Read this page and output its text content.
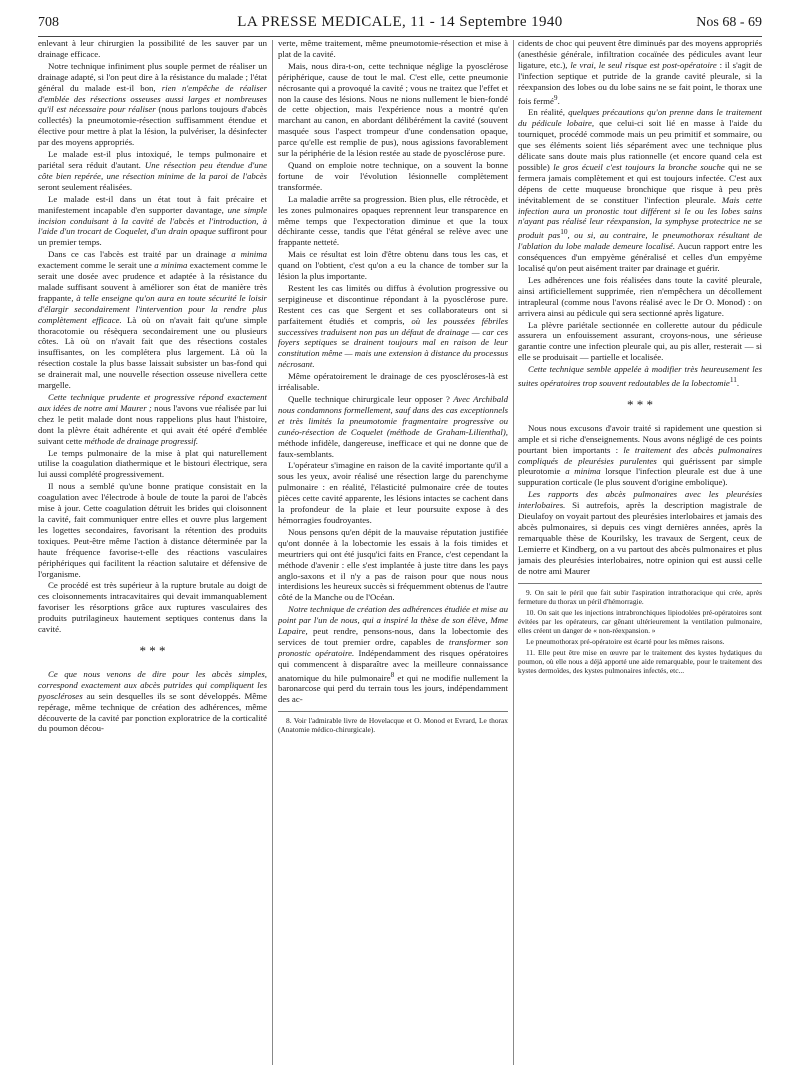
708	LA PRESSE MEDICALE, 11 - 14 Septembre 1940	Nos 68 - 69

enlevant à leur chirurgien la possibilité de les sauver par un drainage efficace.

Notre technique infiniment plus souple permet de réaliser un drainage adapté, si l'on peut dire à la résistance du malade ; l'état général du malade est-il bon, rien n'empêche de réaliser d'emblée des résections osseuses aussi larges et nombreuses qu'il est nécessaire pour réaliser (nous parlons toujours d'abcès collectés) la pneumotomie-résection suffisamment étendue et élective pour mettre à plat la lésion, la pulvériser, la désinfecter par des moyens appropriés.

Le malade est-il plus intoxiqué, le temps pulmonaire et pariétal sera réduit d'autant. Une résection peu étendue d'une côte bien repérée, une résection minime de la paroi de l'abcès seront seulement réalisées.

Le malade est-il dans un état tout à fait précaire et manifestement incapable d'en supporter davantage, une simple incision conduisant à la cavité de l'abcès et l'introduction, à l'aide d'un trocart de Coquelet, d'un drain opaque suffiront pour un premier temps.

Dans ce cas l'abcès est traité par un drainage a minima exactement comme le serait une a minima exactement comme le serait une dosée avec prudence et adaptée à la résistance du malade suffisant souvent à améliorer son état de manière très frappante, à telle enseigne qu'on aura en toute sécurité le loisir d'élargir secondairement l'intervention pour la rendre plus complètement efficace. Là où on n'avait fait qu'une simple thoracotomie ou résèquera secondairement une ou plusieurs côtes. Là où on n'avait fait que des résections costales insuffisantes, on les complétera plus largement. Là où la résection costale la plus basse laissait subsister un bas-fond qui se drainerait mal, une nouvelle résection osseuse nivellera cette margelle.

Cette technique prudente et progressive répond exactement aux idées de notre ami Maurer ; nous l'avons vue réalisée par lui chez le petit malade dont nous rappelions plus haut l'histoire, dont la plèvre était adhérente et qui avait été opéré d'emblée suivant cette méthode de drainage progressif.

Le temps pulmonaire de la mise à plat qui naturellement utilise la coagulation diathermique et le bistouri électrique, sera lui aussi complété progressivement.

Il nous a semblé qu'une bonne pratique consistait en la coagulation avec l'électrode à boule de toute la paroi de l'abcès mise à jour. Cette coagulation détruit les brides qui cloisonnent la cavité, fait communiquer entre elles et ouvre plus largement les logettes secondaires, favorisant la rétention des produits toxiques. Peut-être même l'action à distance déterminée par la haute fréquence favorise-t-elle des réactions vasculaires périphériques qui facilitent la réaction salutaire et défensive de l'organisme.

Ce procédé est très supérieur à la rupture brutale au doigt de ces cloisonnements intracavitaires qui devait immanquablement favoriser les résorptions grâce aux ruptures vasculaires des produits putrilagineux hautement septiques contenus dans la cavité.

* * *

Ce que nous venons de dire pour les abcès simples, correspond exactement aux abcès putrides qui compliquent les pyoscléroses au sein desquelles ils se sont développés. Même repérage, même technique de création des adhérences, même découverte de la cavité par ponction exploratrice de la corticalité du poumon décou-

verte, même traitement, même pneumotomie-résection et mise à plat de la cavité.

Mais, nous dira-t-on, cette technique néglige la pyosclérose périphérique, cause de tout le mal. C'est elle, cette pneumonie nécrosante qui a provoqué la cavité ; vous ne traitez que l'effet et non la cause des lésions. Nous ne nions nullement le bien-fondé de cette objection, mais l'expérience nous a montré qu'en marchant au canon, en abordant délibérément la cavité (souvent masquée sous l'aspect trompeur d'une condensation opaque, parce qu'elle est remplie de pus), nous agissions favorablement sur la périphérie de la lésion restée au stade de pyosclérose pure.

Quand on emploie notre technique, on a souvent la bonne fortune de voir l'évolution lésionnelle complètement transformée.

La maladie arrête sa progression. Bien plus, elle rétrocède, et les zones pulmonaires opaques reprennent leur transparence en même temps que l'expectoration diminue et que la toux déchirante cesse, tandis que l'état général se relève avec une frappante netteté.

Mais ce résultat est loin d'être obtenu dans tous les cas, et quand on l'obtient, c'est qu'on a eu la chance de tomber sur la lésion la plus importante.

Restent les cas limités ou diffus à évolution progressive ou serpigineuse et discontinue répondant à la pyosclérose pure. Restent ces cas que Sergent et ses collaborateurs ont si parfaitement étudiés et compris, où les poussées fébriles successives traduisent non pas un défaut de drainage — car ces foyers septiques se drainent toujours mal en raison de leur constitution même — mais une extension à distance du processus nécrosant.

Même opératoirement le drainage de ces pyoscléroses-là est irréalisable.

Quelle technique chirurgicale leur opposer ? Avec Archibald nous condamnons formellement, sauf dans des cas exceptionnels et très limités la pneumotomie fragmentaire progressive ou cunéo-résection de Coquelet (méthode de Graham-Lilienthal), méthode infidèle, dangereuse, inefficace et qui ne donne que de faux-semblants.

L'opérateur s'imagine en raison de la cavité importante qu'il a sous les yeux, avoir réalisé une résection large du parenchyme pulmonaire : en réalité, l'élasticité pulmonaire crée de toutes pièces cette cavité apparente, les lésions intactes se cachent dans la profondeur de la plaie et leur poursuite expose à des hémorragies foudroyantes.

Nous pensons qu'en dépit de la mauvaise réputation justifiée qu'ont donnée à la lobectomie les essais à la fois timides et meurtriers qui ont été jusqu'ici faits en France, c'est cependant la méthode d'avenir : elle s'est implantée à juste titre dans les pays anglo-saxons et il n'y a pas de raison pour que nous nous interdisions les heureux succès si fréquemment obtenus de l'autre côté de la Manche ou de l'Océan.

Notre technique de création des adhérences étudiée et mise au point par l'un de nous, qui a inspiré la thèse de son élève, Mme Lapaire, peut rendre, pensons-nous, dans la lobectomie des services de tout premier ordre, capables de transformer son pronostic opératoire. Indépendamment des risques opératoires qui commencent à disparaître avec la meilleure connaissance anatomique du hile pulmonaire$^8$ et qui ne modifie nullement la baronarcose qui perd du terrain tous les jours, indépendamment des ac-

8. Voir l'admirable livre de Hovelacque et O. Monod et Evrard, Le thorax (Anatomie médico-chirurgicale).

cidents de choc qui peuvent être diminués par des moyens appropriés (anesthésie générale, infiltration cocaïnée des pédicules avant leur ligature, etc.), le vrai, le seul risque est post-opératoire : il s'agit de l'infection septique et putride de la grande cavité pleurale, si la réexpansion des lobes ou du lobe sains ne se fait point, le thorax une fois fermé$^9$.

En réalité, quelques précautions qu'on prenne dans le traitement du pédicule lobaire, que celui-ci soit lié en masse à l'aide du tourniquet, procédé commode mais un peu primitif et sommaire, ou que ses éléments soient liés séparément avec une technique plus délicate sans doute mais plus rationnelle (et encore quand cela est possible) le gros écueil c'est toujours la bronche souche qui ne se fermera jamais complètement et qui est toujours infectée. C'est aux dépens de cette muqueuse bronchique que risque à peu près inévitablement de se constituer l'infection pleurale. Mais cette infection aura un pronostic tout différent si le ou les lobes sains n'ayant pas réalisé leur réexpansion, la symphyse protectrice ne se produit pas$^{10}$, ou si, au contraire, le pneumothorax résultant de l'ablation du lobe malade demeure localisé. Aucun rapport entre les conséquences d'un empyème généralisé et celles d'un empyème localisé qu'on peut aisément traiter par drainage et guérir.

Les adhérences une fois réalisées dans toute la cavité pleurale, ainsi artificiellement supprimée, rien n'empêchera un décollement intrapleural (comme nous l'avons réalisé avec le Dr O. Monod) : on arrivera ainsi au pédicule qui sera sectionné après ligature.

La plèvre pariétale sectionnée en collerette autour du pédicule assurera un enfouissement assurant, croyons-nous, une sérieuse garantie contre une infection pleurale qui, au pis aller, resterait — si elle se produisait — partielle et localisée.

Cette technique semble appelée à modifier très heureusement les suites opératoires trop souvent redoutables de la lobectomie$^{11}$.

* * *

Nous nous excusons d'avoir traité si rapidement une question si ample et si riche d'enseignements. Nous avons négligé de ces points pourtant bien importants : le traitement des abcès pulmonaires compliqués de pleurésies purulentes qui guérissent par simple pleurotomie a minima lorsque l'infection pleurale est due à une suppuration corticale (le plus souvent d'origine embolique).

Les rapports des abcès pulmonaires avec les pleurésies interlobaires. Si autrefois, après la description magistrale de Dieulafoy on voyait partout des pleurésies interlobaires et jamais des abcès pulmonaires, si depuis ces vingt dernières années, après la remarquable thèse de Kourilsky, les travaux de Sergent, ceux de Lemierre et Kindberg, on a vu partout des abcès pulmonaires et plus jamais des pleurésies interlobaires, notre opinion qui est aussi celle de notre ami Maurer

9. On sait le péril que fait subir l'aspiration intrathoracique qui crée, après fermeture du thorax un péril d'hémorragie.

10. On sait que les injections intrabronchiques lipiodolées pré-opératoires sont évitées par les opérateurs, car gênant ultérieurement la ventilation pulmonaire, elles créent un danger de « non-réexpansion. »

Le pneumothorax pré-opératoire est écarté pour les mêmes raisons.

11. Elle peut être mise en œuvre par le traitement des kystes hydatiques du poumon, où elle nous a déjà apporté une aide remarquable, pour le traitement des kystes dermoïdes, des kystes pulmonaires infectés, etc...
